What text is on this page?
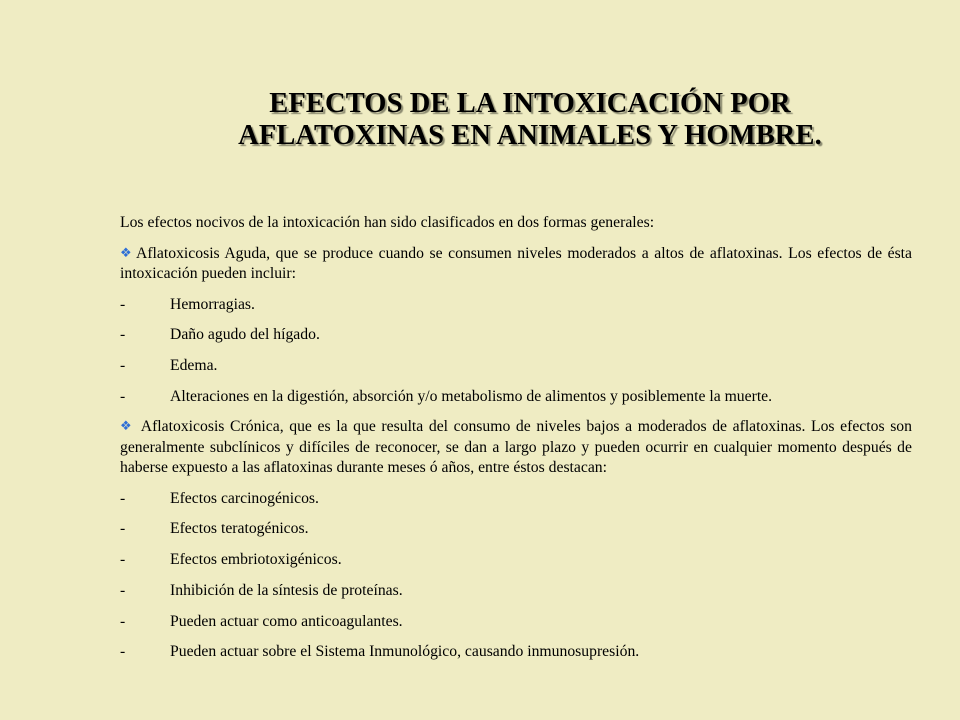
EFECTOS DE LA INTOXICACIÓN POR
AFLATOXINAS EN ANIMALES Y HOMBRE.

Los efectos nocivos de la intoxicación han sido clasificados en dos formas generales:

❖ Aflatoxicosis Aguda, que se produce cuando se consumen niveles moderados a altos de aflatoxinas. Los efectos de ésta intoxicación pueden incluir:

-	Hemorragias.
-	Daño agudo del hígado.
-	Edema.
-	Alteraciones en la digestión, absorción y/o metabolismo de alimentos y posiblemente la muerte.

❖ Aflatoxicosis Crónica, que es la que resulta del consumo de niveles bajos a moderados de aflatoxinas. Los efectos son generalmente subclínicos y difíciles de reconocer, se dan a largo plazo y pueden ocurrir en cualquier momento después de haberse expuesto a las aflatoxinas durante meses ó años, entre éstos destacan:

-	Efectos carcinogénicos.
-	Efectos teratogénicos.
-	Efectos embriotoxigénicos.
-	Inhibición de la síntesis de proteínas.
-	Pueden actuar como anticoagulantes.
-	Pueden actuar sobre el Sistema Inmunológico, causando inmunosupresión.
